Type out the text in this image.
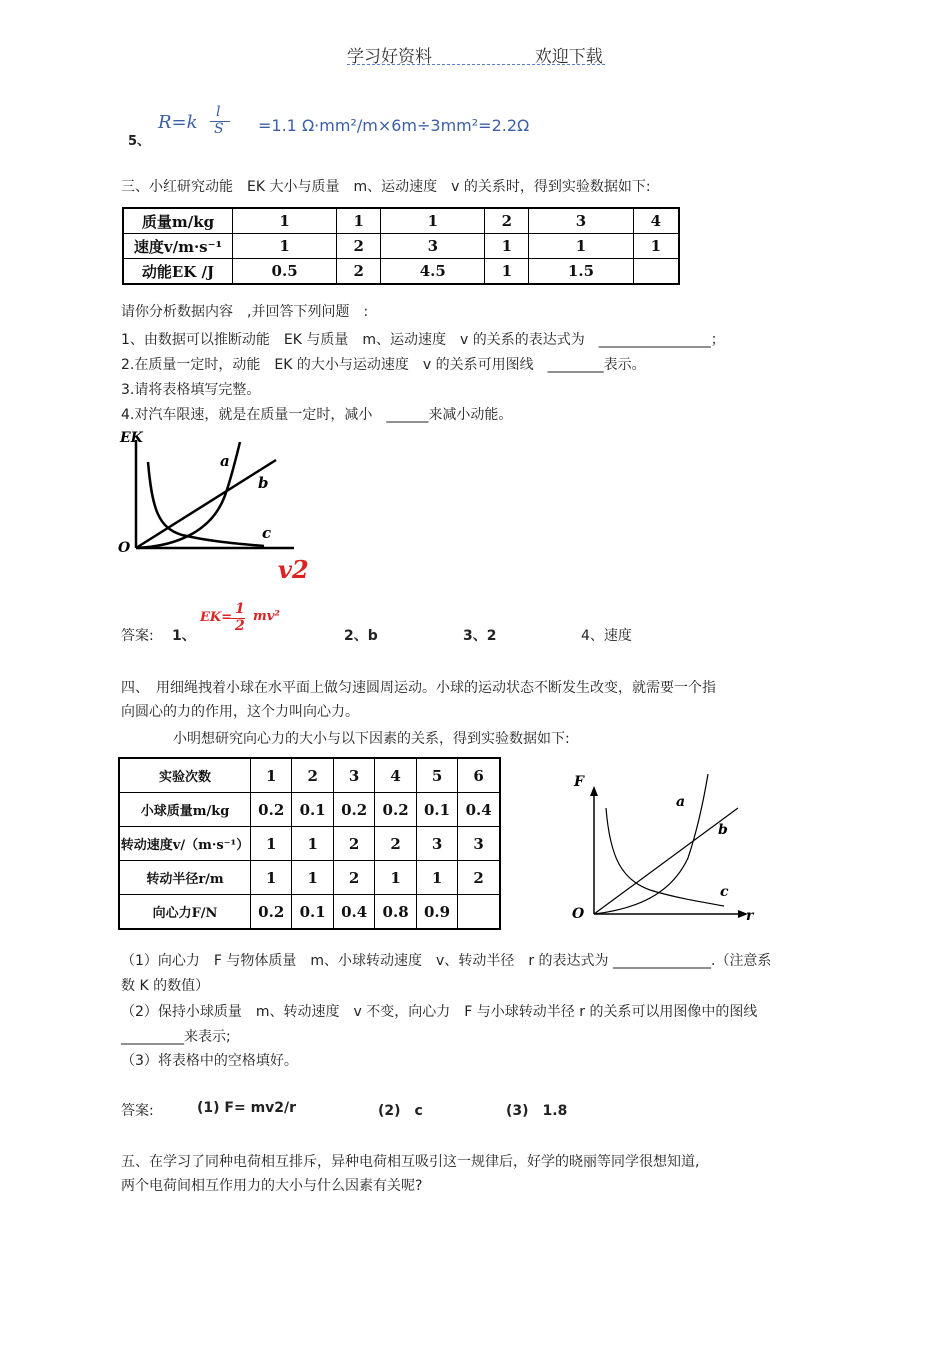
学习好资料	欢迎下载
R=k l
S =1.1 Ω·mm²/m×6m÷3mm²=2.2Ω
5、
三、小红研究动能　EK 大小与质量　m、运动速度　v 的关系时，得到实验数据如下:
质量m/kg	1	1	1	2	3	4
速度v/m·s⁻¹	1	2	3	1	1	1
动能EK /J	0.5	2	4.5	1	1.5	
请你分析数据内容　,并回答下列问题　:
1、由数据可以推断动能　EK 与质量　m、运动速度　v 的关系的表达式为　________________；
2.在质量一定时，动能　EK 的大小与运动速度　v 的关系可用图线　________表示。
3.请将表格填写完整。
4.对汽车限速，就是在质量一定时，减小　______来减小动能。
EK
O
a
b
c
v2
答案: 1、
EK=
1
2
mv²
2、b	3、2	4、速度
四、　用细绳拽着小球在水平面上做匀速圆周运动。小球的运动状态不断发生改变，就需要一个指
向圆心的力的作用，这个力叫向心力。
小明想研究向心力的大小与以下因素的关系，得到实验数据如下:
实验次数	1	2	3	4	5	6
小球质量m/kg	0.2	0.1	0.2	0.2	0.1	0.4
转动速度v/（m·s⁻¹）	1	1	2	2	3	3
转动半径r/m	1	1	2	1	1	2
向心力F/N	0.2	0.1	0.4	0.8	0.9	
F
O
a
b
c
r
（1）向心力　F 与物体质量　m、小球转动速度　v、转动半径　r 的表达式为 ______________.（注意系
数 K 的数值）
（2）保持小球质量　m、转动速度　v 不变，向心力　F 与小球转动半径 r 的关系可以用图像中的图线
_________来表示;
（3）将表格中的空格填好。
答案:	(1) F= mv2/r	(2)　c	(3)　1.8
五、在学习了同种电荷相互排斥，异种电荷相互吸引这一规律后，好学的晓丽等同学很想知道,
两个电荷间相互作用力的大小与什么因素有关呢?
